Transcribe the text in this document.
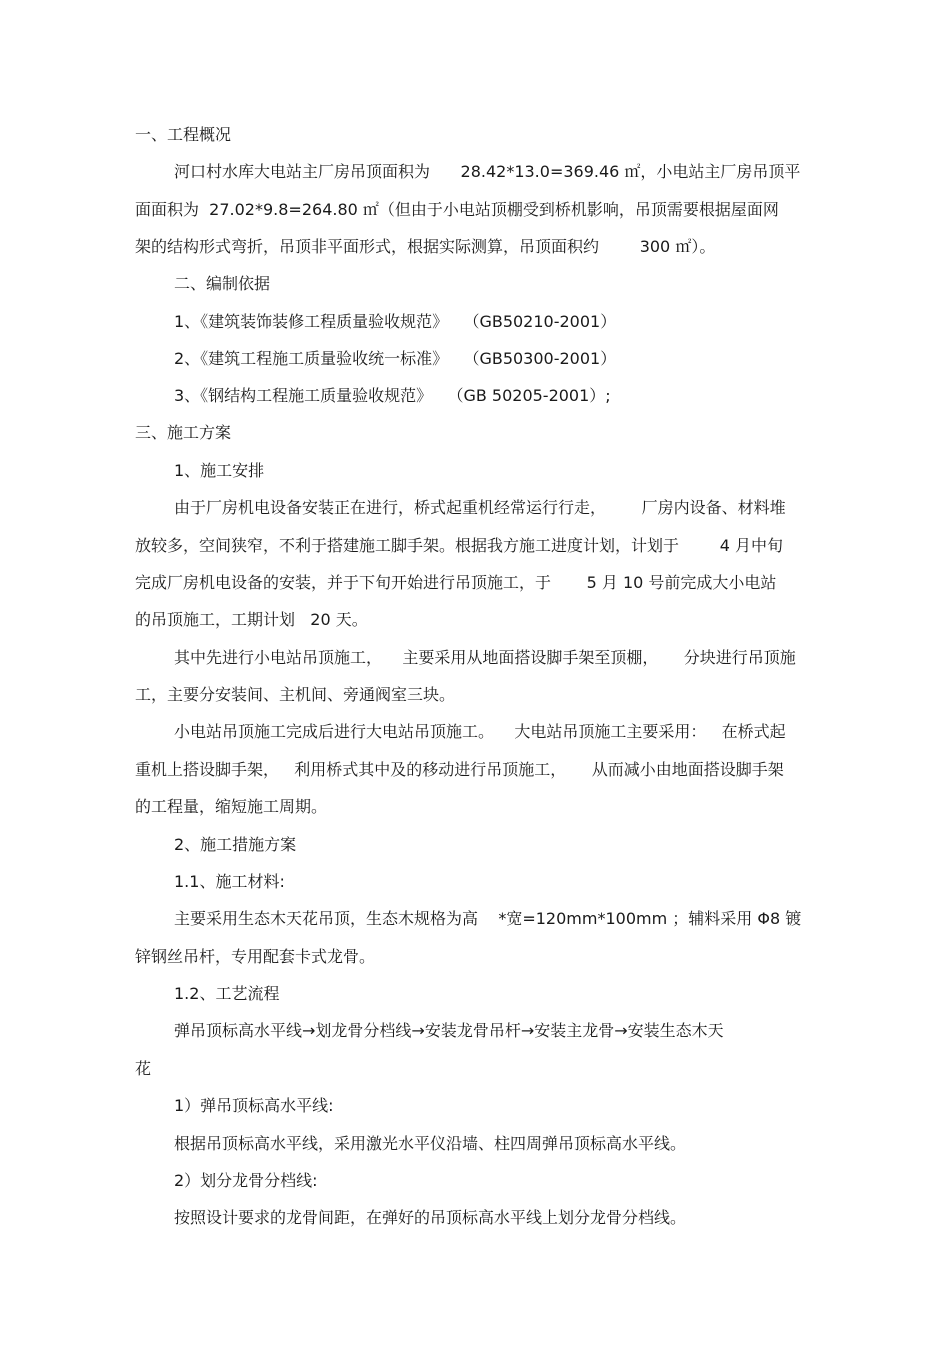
一、工程概况
河口村水库大电站主厂房吊顶面积为      28.42*13.0=369.46 ㎡，小电站主厂房吊顶平
面面积为  27.02*9.8=264.80 ㎡（但由于小电站顶棚受到桥机影响，吊顶需要根据屋面网
架的结构形式弯折，吊顶非平面形式，根据实际测算，吊顶面积约        300 ㎡）。
二、编制依据
1、《建筑装饰装修工程质量验收规范》   （GB50210-2001）
2、《建筑工程施工质量验收统一标准》   （GB50300-2001）
3、《钢结构工程施工质量验收规范》   （GB 50205-2001）;
三、施工方案
1、施工安排
由于厂房机电设备安装正在进行，桥式起重机经常运行行走，       厂房内设备、材料堆
放较多，空间狭窄，不利于搭建施工脚手架。根据我方施工进度计划，计划于        4 月中旬
完成厂房机电设备的安装，并于下旬开始进行吊顶施工，于       5 月 10 号前完成大小电站
的吊顶施工，工期计划   20 天。
其中先进行小电站吊顶施工，    主要采用从地面搭设脚手架至顶棚，     分块进行吊顶施
工，主要分安装间、主机间、旁通阀室三块。
小电站吊顶施工完成后进行大电站吊顶施工。    大电站吊顶施工主要采用：   在桥式起
重机上搭设脚手架，   利用桥式其中及的移动进行吊顶施工，     从而减小由地面搭设脚手架
的工程量，缩短施工周期。
2、施工措施方案
1.1、施工材料:
主要采用生态木天花吊顶，生态木规格为高    *宽=120mm*100mm ；辅料采用 Φ8 镀
锌钢丝吊杆，专用配套卡式龙骨。
1.2、工艺流程
弹吊顶标高水平线→划龙骨分档线→安装龙骨吊杆→安装主龙骨→安装生态木天
花
1）弹吊顶标高水平线:
根据吊顶标高水平线，采用激光水平仪沿墙、柱四周弹吊顶标高水平线。
2）划分龙骨分档线:
按照设计要求的龙骨间距，在弹好的吊顶标高水平线上划分龙骨分档线。
